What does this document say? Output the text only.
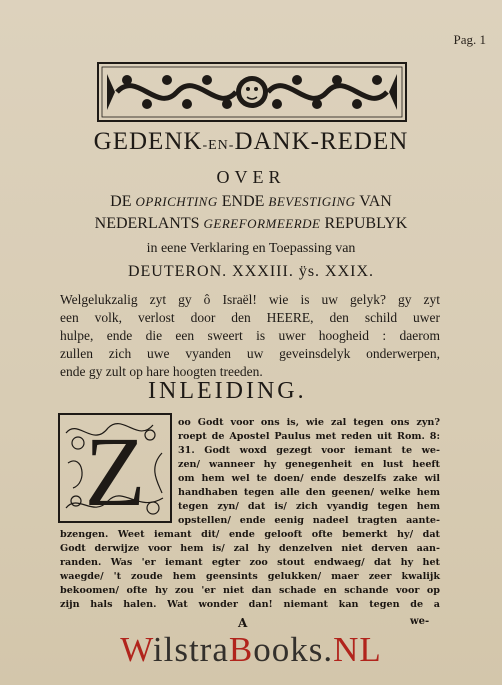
Pag. 1
GEDENK-EN-DANK-REDEN
OVER
DE OPRICHTING ENDE BEVESTIGING VAN
NEDERLANTS GEREFORMEERDE REPUBLYK
in eene Verklaring en Toepassing van
DEUTERON. XXXIII. ÿs. XXIX.
Welgelukzalig zyt gy ô Israël! wie is uw gelyk? gy zyt
een volk, verlost door den HEERE, den schild uwer
hulpe, ende die een sweert is uwer hoogheid : daerom
zullen zich uwe vyanden uw geveinsdelyk onderwerpen,
ende gy zult op hare hoogten treeden.
INLEIDING.
Z	oo Godt voor ons is, wie zal tegen ons zyn?
roept de Apostel Paulus met reden uit Rom. 8:
31. Godt woxd gezegt voor iemant te we-
zen/ wanneer hy genegenheit en lust heeft
om hem wel te doen/ ende deszelfs zake wil
handhaben tegen alle den geenen/ welke hem
tegen zyn/ dat is/ zich vyandig tegen hem
opstellen/ ende eenig nadeel tragten aante-
bzengen. Weet iemant dit/ ende gelooft ofte bemerkt hy/ dat
Godt derwijze voor hem is/ zal hy denzelven niet derven aan-
randen. Was 'er iemant egter zoo stout endwaeg/ dat hy het
waegde/ 't zoude hem geensints gelukken/ maer zeer kwalijk
bekoomen/ ofte hy zou 'er niet dan schade en schande voor op
zijn hals halen. Wat wonder dan! niemant kan tegen de a
A	we-
WilstraBooks.NL
